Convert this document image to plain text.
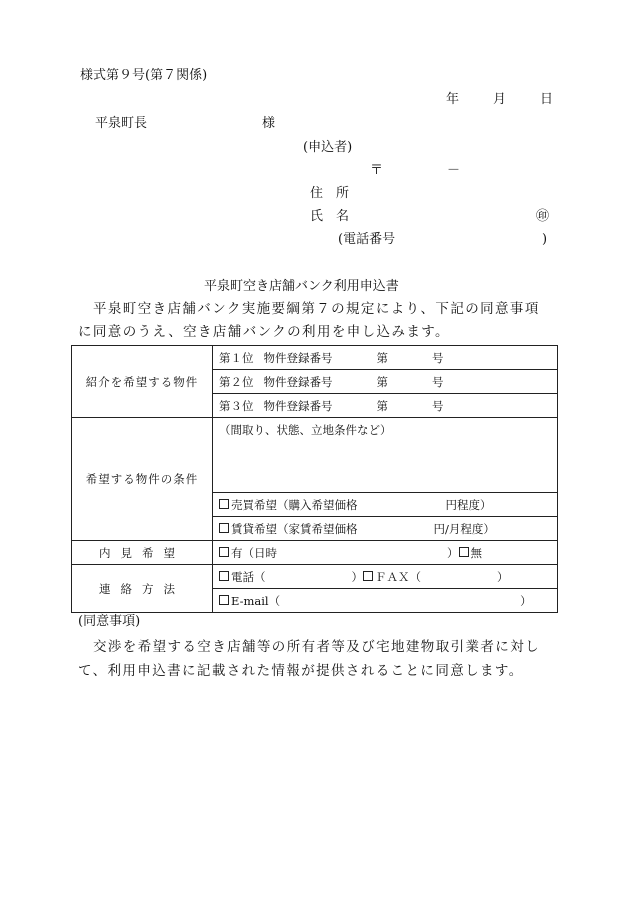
様式第９号(第７関係)
年	月	日
平泉町長	様
(申込者)
〒	－
住　所
氏　名	㊞
(電話番号	)
平泉町空き店舗バンク利用申込書
平泉町空き店舗バンク実施要綱第７の規定により、下記の同意事項
に同意のうえ、空き店舗バンクの利用を申し込みます。
紹介を希望する物件	第１位 物件登録番号 第 号
	第２位 物件登録番号 第 号
	第３位 物件登録番号 第 号
希望する物件の条件	（間取り、状態、立地条件など）
	売買希望（購入希望価格 円程度）
	賃貸希望（家賃希望価格 円/月程度）
内見希望	有（日時 ） 無
連絡方法	電話（ ） ＦＡＸ（ ）
	E-mail（ ）
(同意事項)
交渉を希望する空き店舗等の所有者等及び宅地建物取引業者に対し
て、利用申込書に記載された情報が提供されることに同意します。
